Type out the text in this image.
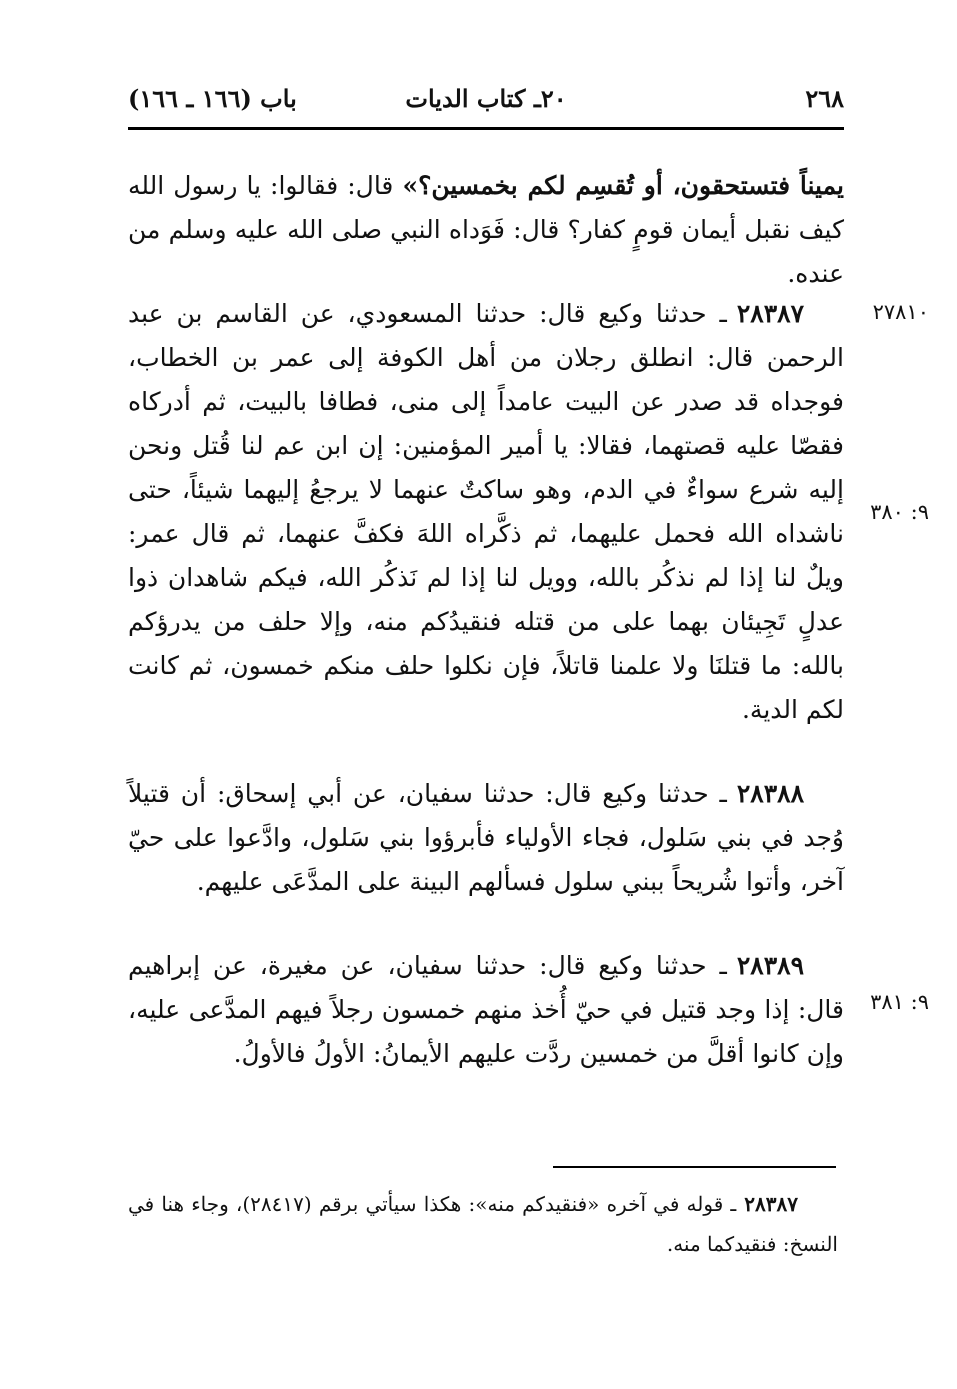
٢٦٨
٢٠ـ كتاب الديات
باب (١٦٦ ـ ١٦٦)

يميناً فتستحقون، أو تُقسِم لكم بخمسين؟» قال: فقالوا: يا رسول الله كيف نقبل أيمان قومٍ كفار؟ قال: فَوَداه النبي صلى الله عليه وسلم من عنده.

٢٧٨١٠
٩: ٣٨٠

٢٨٣٨٧ـ حدثنا وكيع قال: حدثنا المسعودي، عن القاسم بن عبد الرحمن قال: انطلق رجلان من أهل الكوفة إلى عمر بن الخطاب، فوجداه قد صدر عن البيت عامداً إلى منى، فطافا بالبيت، ثم أدركاه فقصّا عليه قصتهما، فقالا: يا أمير المؤمنين: إن ابن عم لنا قُتل ونحن إليه شرع سواءٌ في الدم، وهو ساكتٌ عنهما لا يرجعُ إليهما شيئاً، حتى ناشداه الله فحمل عليهما، ثم ذكَّراه اللهَ فكفَّ عنهما، ثم قال عمر: ويلٌ لنا إذا لم نذكُر بالله، وويل لنا إذا لم نَذكُر الله، فيكم شاهدان ذوا عدلٍ تَجِيئان بهما على من قتله فنقيدُكم منه، وإلا حلف من يدرؤكم بالله: ما قتلنَا ولا علمنا قاتلاً، فإن نكلوا حلف منكم خمسون، ثم كانت لكم الدية.

٢٨٣٨٨ـ حدثنا وكيع قال: حدثنا سفيان، عن أبي إسحاق: أن قتيلاً وُجد في بني سَلول، فجاء الأولياء فأبرؤوا بني سَلول، وادَّعوا على حيّ آخر، وأتوا شُريحاً ببني سلول فسألهم البينة على المدَّعَى عليهم.

٩: ٣٨١

٢٨٣٨٩ـ حدثنا وكيع قال: حدثنا سفيان، عن مغيرة، عن إبراهيم قال: إذا وجد قتيل في حيّ أُخذ منهم خمسون رجلاً فيهم المدَّعى عليه، وإن كانوا أقلَّ من خمسين ردَّت عليهم الأيمانُ: الأولُ فالأولُ.

٢٨٣٨٧ـ قوله في آخره «فنقيدكم منه»: هكذا سيأتي برقم (٢٨٤١٧)، وجاء هنا في النسخ: فنقيدكما منه.
